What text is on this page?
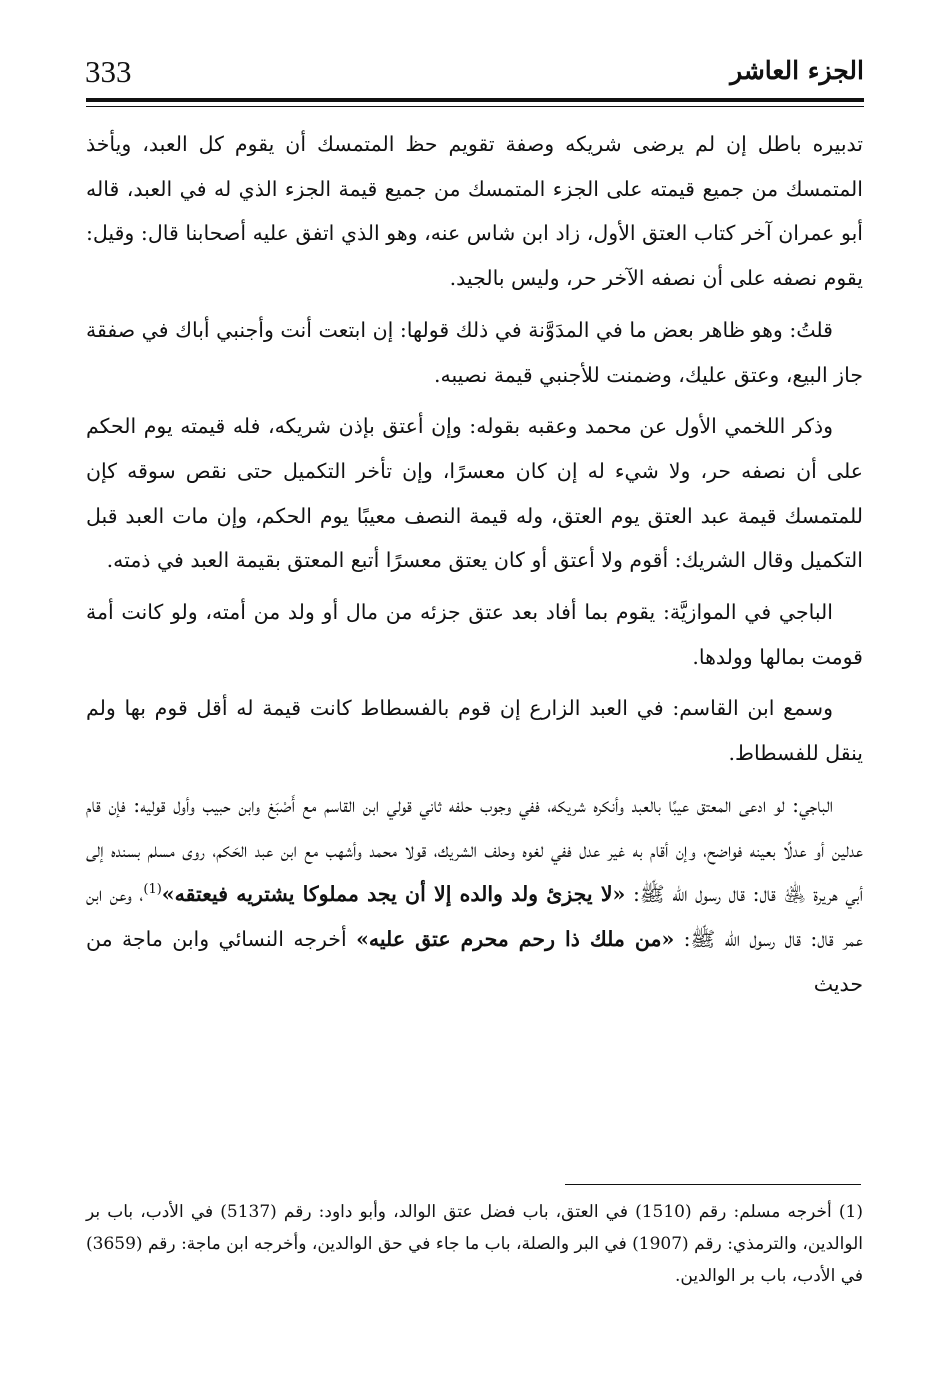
333	الجزء العاشر

تدبيره باطل إن لم يرضى شريكه وصفة تقويم حظ المتمسك أن يقوم كل العبد، ويأخذ المتمسك من جميع قيمته على الجزء المتمسك من جميع قيمة الجزء الذي له في العبد، قاله أبو عمران آخر كتاب العتق الأول، زاد ابن شاس عنه، وهو الذي اتفق عليه أصحابنا قال: وقيل: يقوم نصفه على أن نصفه الآخر حر، وليس بالجيد.

قلتُ: وهو ظاهر بعض ما في المدَوَّنة في ذلك قولها: إن ابتعت أنت وأجنبي أباك في صفقة جاز البيع، وعتق عليك، وضمنت للأجنبي قيمة نصيبه.

وذكر اللخمي الأول عن محمد وعقبه بقوله: وإن أعتق بإذن شريكه، فله قيمته يوم الحكم على أن نصفه حر، ولا شيء له إن كان معسرًا، وإن تأخر التكميل حتى نقص سوقه كإن للمتمسك قيمة عبد العتق يوم العتق، وله قيمة النصف معيبًا يوم الحكم، وإن مات العبد قبل التكميل وقال الشريك: أقوم ولا أعتق أو كان يعتق معسرًا أتبع المعتق بقيمة العبد في ذمته.

الباجي في الموازيَّة: يقوم بما أفاد بعد عتق جزئه من مال أو ولد من أمته، ولو كانت أمة قومت بمالها وولدها.

وسمع ابن القاسم: في العبد الزارع إن قوم بالفسطاط كانت قيمة له أقل قوم بها ولم ينقل للفسطاط.

الباجي: لو ادعى المعتق عيبًا بالعبد وأنكره شريكه، ففي وجوب حلفه ثاني قولي ابن القاسم مع أَصْبَغ وابن حبيب وأول قوليه: فإن قام عدلين أو عدلًا بعينه فواضح، وإن أقام به غير عدل ففي لغوه وحلف الشريك، قولا محمد وأشهب مع ابن عبد الحَكم، روى مسلم بسنده إلى أبي هريرة ﵁ قال: قال رسول الله ﷺ: «لا يجزئ ولد والده إلا أن يجد مملوكا يشتريه فيعتقه»$^{(1)}$، وعن ابن عمر قال: قال رسول الله ﷺ: «من ملك ذا رحم محرم عتق عليه» أخرجه النسائي وابن ماجة من حديث

(1) أخرجه مسلم: رقم (1510) في العتق، باب فضل عتق الوالد، وأبو داود: رقم (5137) في الأدب، باب بر الوالدين، والترمذي: رقم (1907) في البر والصلة، باب ما جاء في حق الوالدين، وأخرجه ابن ماجة: رقم (3659) في الأدب، باب بر الوالدين.
